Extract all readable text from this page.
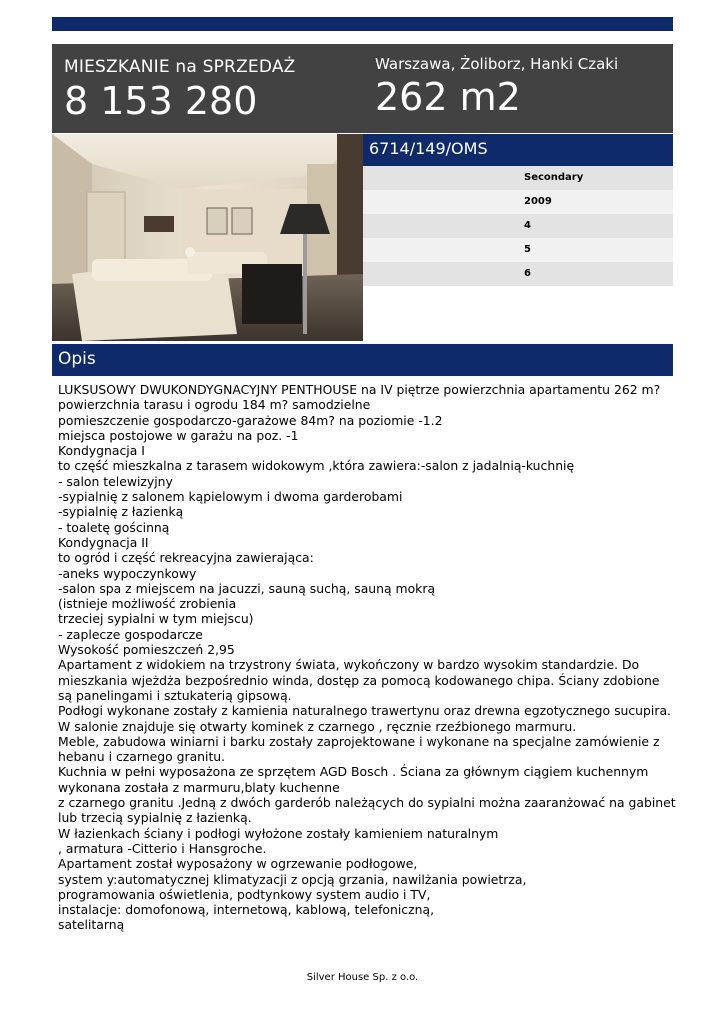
MIESZKANIE na SPRZEDAŻ
8 153 280
Warszawa, Żoliborz, Hanki Czaki
262 m2
6714/149/OMS
Secondary
2009
4
5
6
Opis
LUKSUSOWY DWUKONDYGNACYJNY PENTHOUSE na IV piętrze powierzchnia apartamentu 262 m?
powierzchnia tarasu i ogrodu 184 m? samodzielne
pomieszczenie gospodarczo-garażowe 84m? na poziomie -1.2
miejsca postojowe w garażu na poz. -1
Kondygnacja I
to część mieszkalna z tarasem widokowym ,która zawiera:-salon z jadalnią-kuchnię
- salon telewizyjny
-sypialnię z salonem kąpielowym i dwoma garderobami
-sypialnię z łazienką
- toaletę gościnną
Kondygnacja II
to ogród i część rekreacyjna zawierająca:
-aneks wypoczynkowy
-salon spa z miejscem na jacuzzi, sauną suchą, sauną mokrą
(istnieje możliwość zrobienia
trzeciej sypialni w tym miejscu)
- zaplecze gospodarcze
Wysokość pomieszczeń 2,95
Apartament z widokiem na trzystrony świata, wykończony w bardzo wysokim standardzie. Do
mieszkania wjeżdża bezpośrednio winda, dostęp za pomocą kodowanego chipa. Ściany zdobione
są panelingami i sztukaterią gipsową.
Podłogi wykonane zostały z kamienia naturalnego trawertynu oraz drewna egzotycznego sucupira.
W salonie znajduje się otwarty kominek z czarnego , ręcznie rzeźbionego marmuru.
Meble, zabudowa winiarni i barku zostały zaprojektowane i wykonane na specjalne zamówienie z
hebanu i czarnego granitu.
Kuchnia w pełni wyposażona ze sprzętem AGD Bosch . Ściana za głównym ciągiem kuchennym
wykonana została z marmuru,blaty kuchenne
z czarnego granitu .Jedną z dwóch garderób należących do sypialni można zaaranżować na gabinet
lub trzecią sypialnię z łazienką.
W łazienkach ściany i podłogi wyłożone zostały kamieniem naturalnym
, armatura -Citterio i Hansgroche.
Apartament został wyposażony w ogrzewanie podłogowe,
system y:automatycznej klimatyzacji z opcją grzania, nawilżania powietrza,
programowania oświetlenia, podtynkowy system audio i TV,
instalacje: domofonową, internetową, kablową, telefoniczną,
satelitarną
Silver House Sp. z o.o.
